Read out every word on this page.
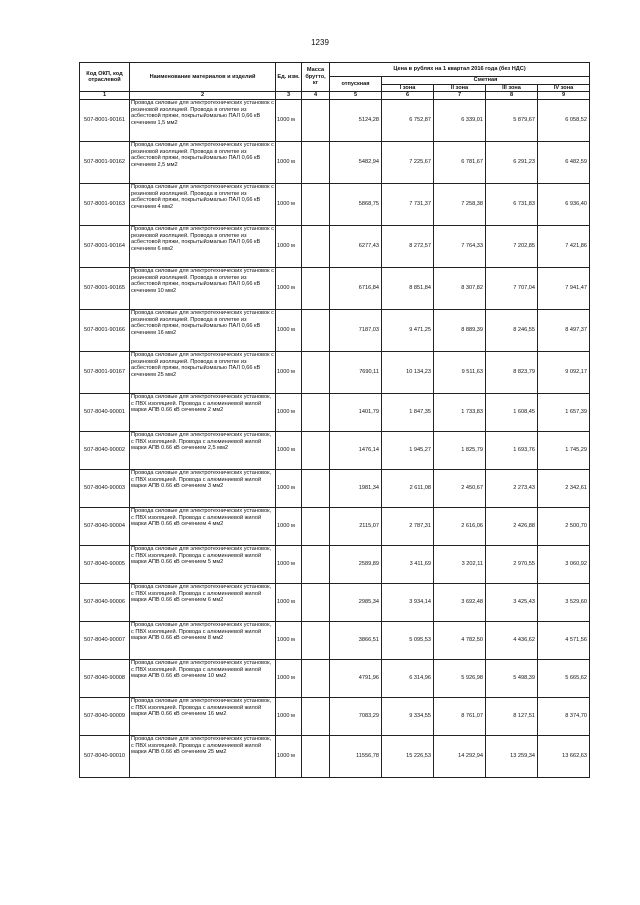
1239
Код ОКП, код отраслевой	Наименование материалов и изделий	Ед. изм.	Масса брутто, кг	Цена в рублях на 1 квартал 2016 года (без НДС)				
				отпускная	Сметная			
					I зона	II зона	III зона	IV зона
1	2	3	4	5	6	7	8	9
507-8001-90161	Провода силовые для электротехнических установок с резиновой изоляцией. Провода в оплетке из асбестовой пряжи, покрытыйэмалью ПАЛ 0,66 кВ сечением 1,5 мм2	1000 м		5124,28	6 752,87	6 339,01	5 879,67	6 058,52
507-8001-90162	Провода силовые для электротехнических установок с резиновой изоляцией. Провода в оплетке из асбестовой пряжи, покрытыйэмалью ПАЛ 0,66 кВ сечением 2,5 мм2	1000 м		5482,94	7 225,67	6 781,67	6 291,23	6 482,59
507-8001-90163	Провода силовые для электротехнических установок с резиновой изоляцией. Провода в оплетке из асбестовой пряжи, покрытыйэмалью ПАЛ 0,66 кВ сечением 4 мм2	1000 м		5868,75	7 731,37	7 258,38	6 731,83	6 936,40
507-8001-90164	Провода силовые для электротехнических установок с резиновой изоляцией. Провода в оплетке из асбестовой пряжи, покрытыйэмалью ПАЛ 0,66 кВ сечением 6 мм2	1000 м		6277,43	8 272,57	7 764,33	7 202,85	7 421,86
507-8001-90165	Провода силовые для электротехнических установок с резиновой изоляцией. Провода в оплетке из асбестовой пряжи, покрытыйэмалью ПАЛ 0,66 кВ сечением 10 мм2	1000 м		6716,84	8 851,84	8 307,82	7 707,04	7 941,47
507-8001-90166	Провода силовые для электротехнических установок с резиновой изоляцией. Провода в оплетке из асбестовой пряжи, покрытыйэмалью ПАЛ 0,66 кВ сечением 16 мм2	1000 м		7187,03	9 471,25	8 889,39	8 246,55	8 497,37
507-8001-90167	Провода силовые для электротехнических установок с резиновой изоляцией. Провода в оплетке из асбестовой пряжи, покрытыйэмалью ПАЛ 0,66 кВ сечением 25 мм2	1000 м		7690,11	10 134,23	9 511,63	8 823,79	9 092,17
507-8040-90001	Провода силовые для электротехнических установок, с ПВХ изоляцией. Провода с алюминиевой жилой марки АПВ 0.66 кВ сечением 2 мм2	1000 м		1401,79	1 847,35	1 733,83	1 608,45	1 657,39
507-8040-90002	Провода силовые для электротехнических установок, с ПВХ изоляцией. Провода с алюминиевой жилой марки АПВ 0.66 кВ сечением 2,5 мм2	1000 м		1476,14	1 945,27	1 825,79	1 693,76	1 745,29
507-8040-90003	Провода силовые для электротехнических установок, с ПВХ изоляцией. Провода с алюминиевой жилой марки АПВ 0.66 кВ сечением 3 мм2	1000 м		1981,34	2 611,08	2 450,67	2 273,43	2 342,61
507-8040-90004	Провода силовые для электротехнических установок, с ПВХ изоляцией. Провода с алюминиевой жилой марки АПВ 0.66 кВ сечением 4 мм2	1000 м		2115,07	2 787,31	2 616,06	2 426,88	2 500,70
507-8040-90005	Провода силовые для электротехнических установок, с ПВХ изоляцией. Провода с алюминиевой жилой марки АПВ 0.66 кВ сечением 5 мм2	1000 м		2589,89	3 411,69	3 202,11	2 970,55	3 060,92
507-8040-90006	Провода силовые для электротехнических установок, с ПВХ изоляцией. Провода с алюминиевой жилой марки АПВ 0.66 кВ сечением 6 мм2	1000 м		2985,34	3 934,14	3 692,48	3 425,43	3 529,60
507-8040-90007	Провода силовые для электротехнических установок, с ПВХ изоляцией. Провода с алюминиевой жилой марки АПВ 0.66 кВ сечением 8 мм2	1000 м		3866,51	5 095,53	4 782,50	4 436,62	4 571,56
507-8040-90008	Провода силовые для электротехнических установок, с ПВХ изоляцией. Провода с алюминиевой жилой марки АПВ 0.66 кВ сечением 10 мм2	1000 м		4791,96	6 314,96	5 926,98	5 498,39	5 665,62
507-8040-90009	Провода силовые для электротехнических установок, с ПВХ изоляцией. Провода с алюминиевой жилой марки АПВ 0.66 кВ сечением 16 мм2	1000 м		7083,29	9 334,55	8 761,07	8 127,51	8 374,70
507-8040-90010	Провода силовые для электротехнических установок, с ПВХ изоляцией. Провода с алюминиевой жилой марки АПВ 0.66 кВ сечением 25 мм2	1000 м		11556,78	15 226,53	14 292,94	13 259,34	13 662,63
